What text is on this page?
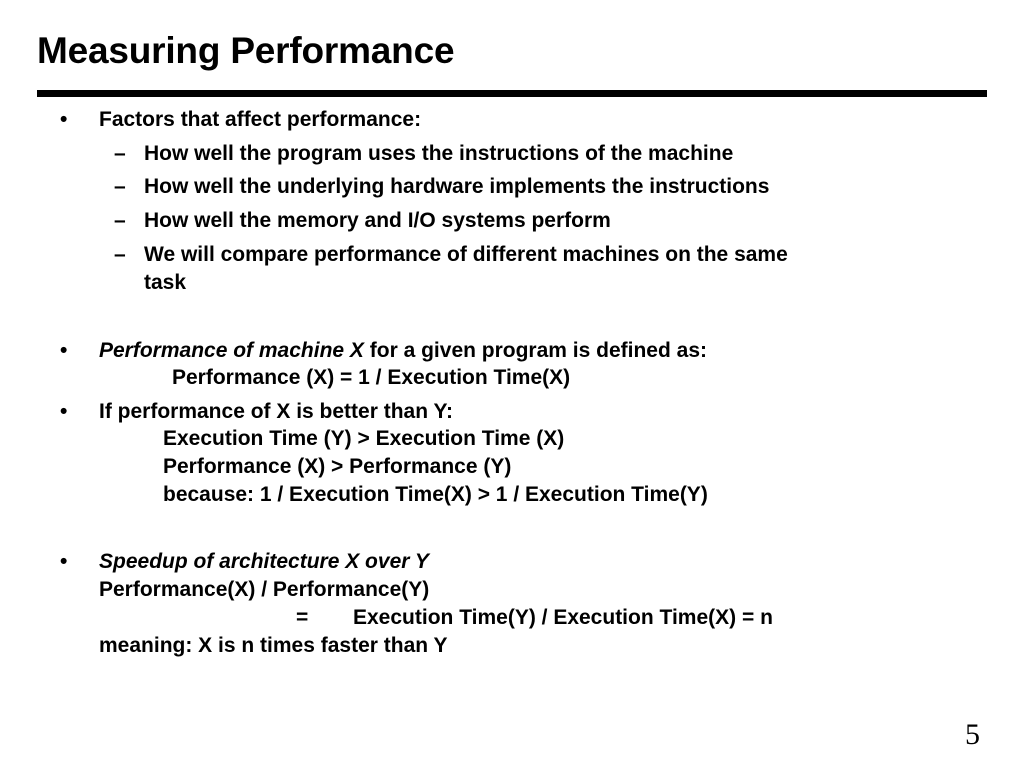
Measuring Performance
• Factors that affect performance:
– How well the program uses the instructions of the machine
– How well the underlying hardware implements the instructions
– How well the memory and I/O systems perform
– We will compare performance of different machines on the same
task
• Performance of machine X for a given program is defined as:
Performance (X) = 1 / Execution Time(X)
• If performance of X is better than Y:
Execution Time (Y) > Execution Time (X)
Performance (X) > Performance (Y)
because: 1 / Execution Time(X) > 1 / Execution Time(Y)
• Speedup of architecture X over Y
Performance(X) / Performance(Y)
= Execution Time(Y) / Execution Time(X) = n
meaning: X is n times faster than Y
5
